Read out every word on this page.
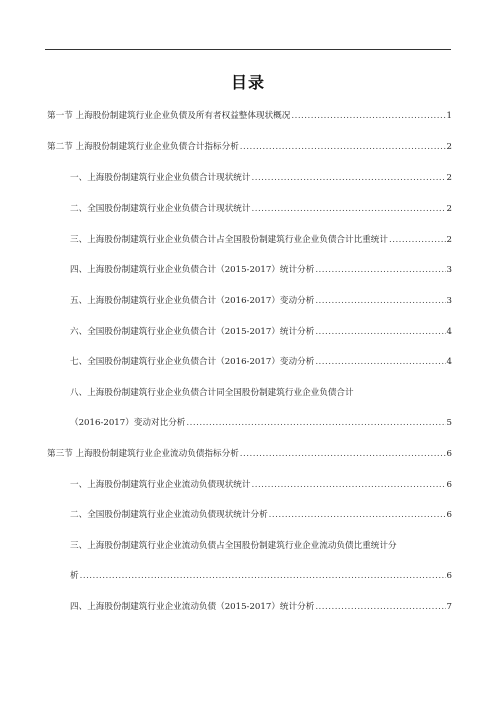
目录
第一节 上海股份制建筑行业企业负债及所有者权益整体现状概况 .....	1
第二节 上海股份制建筑行业企业负债合计指标分析 .....	2
一、上海股份制建筑行业企业负债合计现状统计 .....	2
二、全国股份制建筑行业企业负债合计现状统计 .....	2
三、上海股份制建筑行业企业负债合计占全国股份制建筑行业企业负债合计比重统计 .....	2
四、上海股份制建筑行业企业负债合计（2015-2017）统计分析 .....	3
五、上海股份制建筑行业企业负债合计（2016-2017）变动分析 .....	3
六、全国股份制建筑行业企业负债合计（2015-2017）统计分析 .....	4
七、全国股份制建筑行业企业负债合计（2016-2017）变动分析 .....	4
八、上海股份制建筑行业企业负债合计同全国股份制建筑行业企业负债合计
（2016-2017）变动对比分析 .....	5
第三节 上海股份制建筑行业企业流动负债指标分析 .....	6
一、上海股份制建筑行业企业流动负债现状统计 .....	6
二、全国股份制建筑行业企业流动负债现状统计分析 .....	6
三、上海股份制建筑行业企业流动负债占全国股份制建筑行业企业流动负债比重统计分
析 .....	6
四、上海股份制建筑行业企业流动负债（2015-2017）统计分析 .....	7
